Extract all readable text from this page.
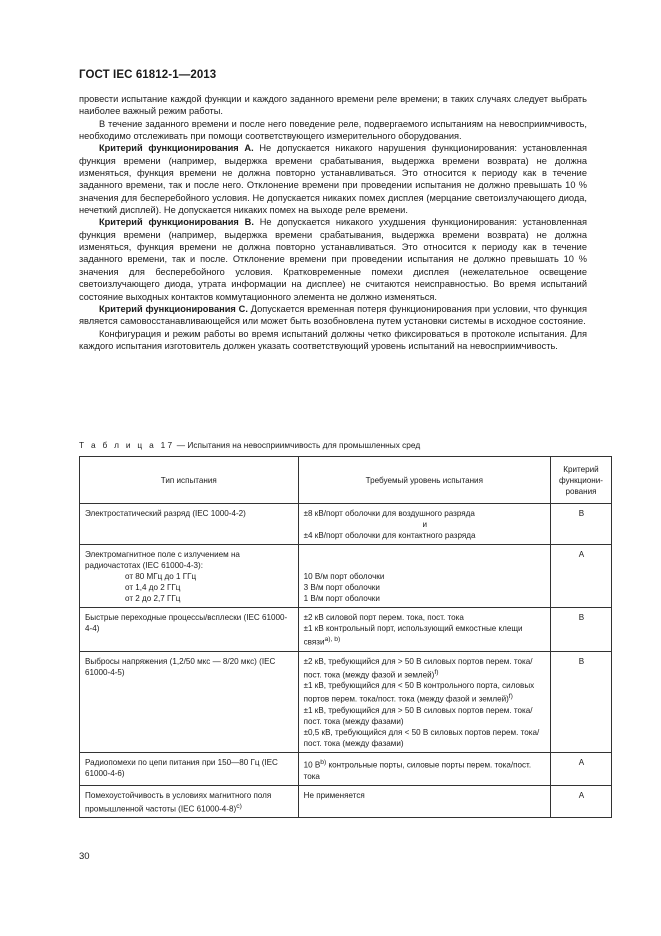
ГОСТ IEC 61812-1—2013

провести испытание каждой функции и каждого заданного времени реле времени; в таких случаях следует выбрать наиболее важный режим работы.

В течение заданного времени и после него поведение реле, подвергаемого испытаниям на невосприимчивость, необходимо отслеживать при помощи соответствующего измерительного оборудования.

Критерий функционирования А. Не допускается никакого нарушения функционирования: установленная функция времени (например, выдержка времени срабатывания, выдержка времени возврата) не должна изменяться, функция времени не должна повторно устанавливаться. Это относится к периоду как в течение заданного времени, так и после него. Отклонение времени при проведении испытания не должно превышать 10 % значения для бесперебойного условия. Не допускается никаких помех дисплея (мерцание светоизлучающего диода, нечеткий дисплей). Не допускается никаких помех на выходе реле времени.

Критерий функционирования В. Не допускается никакого ухудшения функционирования: установленная функция времени (например, выдержка времени срабатывания, выдержка времени возврата) не должна изменяться, функция времени не должна повторно устанавливаться. Это относится к периоду как в течение заданного времени, так и после. Отклонение времени при проведении испытания не должно превышать 10 % значения для бесперебойного условия. Кратковременные помехи дисплея (нежелательное освещение светоизлучающего диода, утрата информации на дисплее) не считаются неисправностью. Во время испытаний состояние выходных контактов коммутационного элемента не должно изменяться.

Критерий функционирования С. Допускается временная потеря функционирования при условии, что функция является самовосстанавливающейся или может быть возобновлена путем установки системы в исходное состояние.

Конфигурация и режим работы во время испытаний должны четко фиксироваться в протоколе испытания. Для каждого испытания изготовитель должен указать соответствующий уровень испытаний на невосприимчивость.

Т а б л и ц а 17 — Испытания на невосприимчивость для промышленных сред
Тип испытания	Требуемый уровень испытания	Критерий функциони-рования

Электростатический разряд (IEC 1000-4-2)	±8 кВ/порт оболочки для воздушного разряда
и
±4 кВ/порт оболочки для контактного разряда	B

Электромагнитное поле с излучением на радиочастотах (IEC 61000-4-3):
от 80 МГц до 1 ГГц
от 1,4 до 2 ГГц
от 2 до 2,7 ГГц	10 В/м порт оболочки
3 В/м порт оболочки
1 В/м порт оболочки	A

Быстрые переходные процессы/всплески (IEC 61000-4-4)	±2 кВ силовой порт перем. тока, пост. тока
±1 кВ контрольный порт, использующий емкостные клещи связи$^{a), b)}$	B

Выбросы напряжения (1,2/50 мкс — 8/20 мкс) (IEC 61000-4-5)	±2 кВ, требующийся для > 50 В силовых портов перем. тока/пост. тока (между фазой и землей)$^{f)}$
±1 кВ, требующийся для < 50 В контрольного порта, силовых портов перем. тока/пост. тока (между фазой и землей)$^{f)}$
±1 кВ, требующийся для > 50 В силовых портов перем. тока/пост. тока (между фазами)
±0,5 кВ, требующийся для < 50 В силовых портов перем. тока/пост. тока (между фазами)	B

Радиопомехи по цепи питания при 150—80 Гц (IEC 61000-4-6)	10 $В^{b)}$ контрольные порты, силовые порты перем. тока/пост. тока	A

Помехоустойчивость в условиях магнитного поля промышленной частоты (IEC 61000-4-8)$^{c)}$	Не применяется	A
30
